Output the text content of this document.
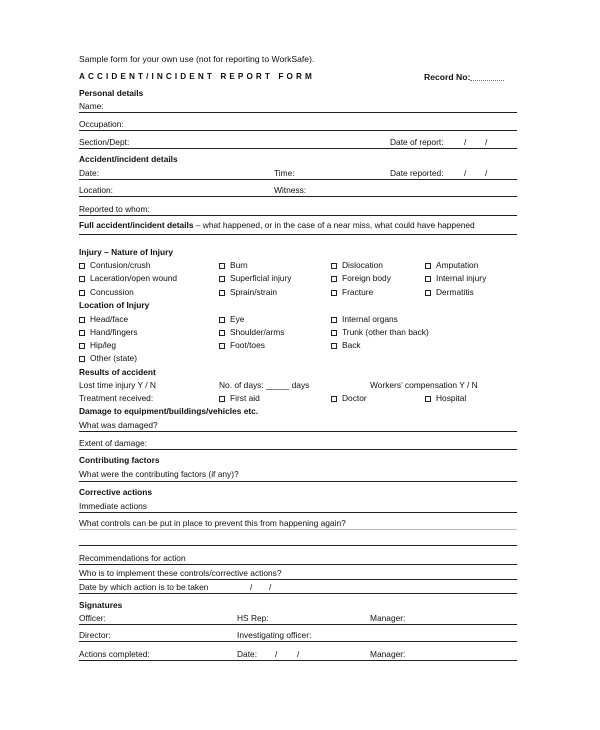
Sample form for your own use (not for reporting to WorkSafe).
ACCIDENT/INCIDENT REPORT FORM	Record No:
Personal details
Name:
Occupation:
Section/Dept:	Date of report: / /
Accident/incident details
Date:	Time:	Date reported: / /
Location:	Witness:
Reported to whom:
Full accident/incident details – what happened, or in the case of a near miss, what could have happened
Injury – Nature of Injury
Contusion/crush	Burn	Dislocation	Amputation
Laceration/open wound	Superficial injury	Foreign body	Internal injury
Concussion	Sprain/strain	Fracture	Dermatitis
Location of Injury
Head/face	Eye	Internal organs
Hand/fingers	Shoulder/arms	Trunk (other than back)
Hip/leg	Foot/toes	Back
Other (state)
Results of accident
Lost time injury Y / N	No. of days: _____ days	Workers’ compensation Y / N
Treatment received:	First aid	Doctor	Hospital
Damage to equipment/buildings/vehicles etc.
What was damaged?
Extent of damage:
Contributing factors
What were the contributing factors (if any)?
Corrective actions
Immediate actions
What controls can be put in place to prevent this from happening again?
Recommendations for action
Who is to implement these controls/corrective actions?
Date by which action is to be taken	/ /
Signatures
Officer:	HS Rep:	Manager:
Director:	Investigating officer:
Actions completed:	Date: / /	Manager:
